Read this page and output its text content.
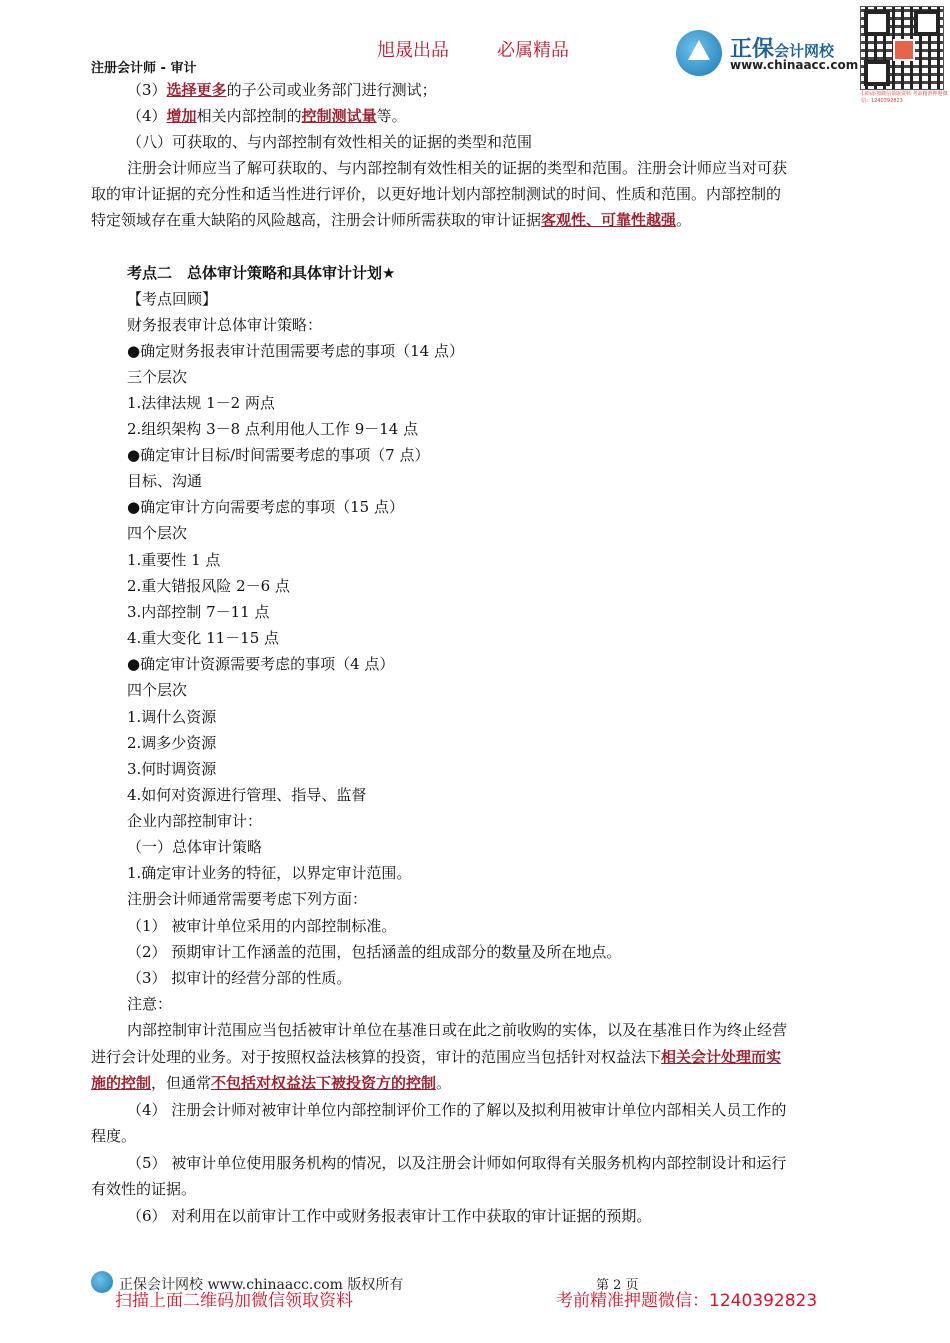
旭晟出品	必属精品
注册会计师 - 审计
正保会计网校
www.chinaacc.com
扫码添加微信领取资料 考前精准押题微信：1240392823
（3）选择更多的子公司或业务部门进行测试；
（4）增加相关内部控制的控制测试量等。
（八）可获取的、与内部控制有效性相关的证据的类型和范围
注册会计师应当了解可获取的、与内部控制有效性相关的证据的类型和范围。注册会计师应当对可获
取的审计证据的充分性和适当性进行评价，以更好地计划内部控制测试的时间、性质和范围。内部控制的
特定领域存在重大缺陷的风险越高，注册会计师所需获取的审计证据客观性、可靠性越强。
考点二　总体审计策略和具体审计计划★
【考点回顾】
财务报表审计总体审计策略：
●确定财务报表审计范围需要考虑的事项（14 点）
三个层次
1.法律法规 1－2 两点
2.组织架构 3－8 点利用他人工作 9－14 点
●确定审计目标/时间需要考虑的事项（7 点）
目标、沟通
●确定审计方向需要考虑的事项（15 点）
四个层次
1.重要性 1 点
2.重大错报风险 2－6 点
3.内部控制 7－11 点
4.重大变化 11－15 点
●确定审计资源需要考虑的事项（4 点）
四个层次
1.调什么资源
2.调多少资源
3.何时调资源
4.如何对资源进行管理、指导、监督
企业内部控制审计：
（一）总体审计策略
1.确定审计业务的特征，以界定审计范围。
注册会计师通常需要考虑下列方面：
（1） 被审计单位采用的内部控制标准。
（2） 预期审计工作涵盖的范围，包括涵盖的组成部分的数量及所在地点。
（3） 拟审计的经营分部的性质。
注意：
内部控制审计范围应当包括被审计单位在基准日或在此之前收购的实体，以及在基准日作为终止经营
进行会计处理的业务。对于按照权益法核算的投资，审计的范围应当包括针对权益法下相关会计处理而实
施的控制，但通常不包括对权益法下被投资方的控制。
（4） 注册会计师对被审计单位内部控制评价工作的了解以及拟利用被审计单位内部相关人员工作的
程度。
（5） 被审计单位使用服务机构的情况，以及注册会计师如何取得有关服务机构内部控制设计和运行
有效性的证据。
（6） 对利用在以前审计工作中或财务报表审计工作中获取的审计证据的预期。
正保会计网校 www.chinaacc.com 版权所有	第 2 页
扫描上面二维码加微信领取资料	考前精准押题微信：1240392823
